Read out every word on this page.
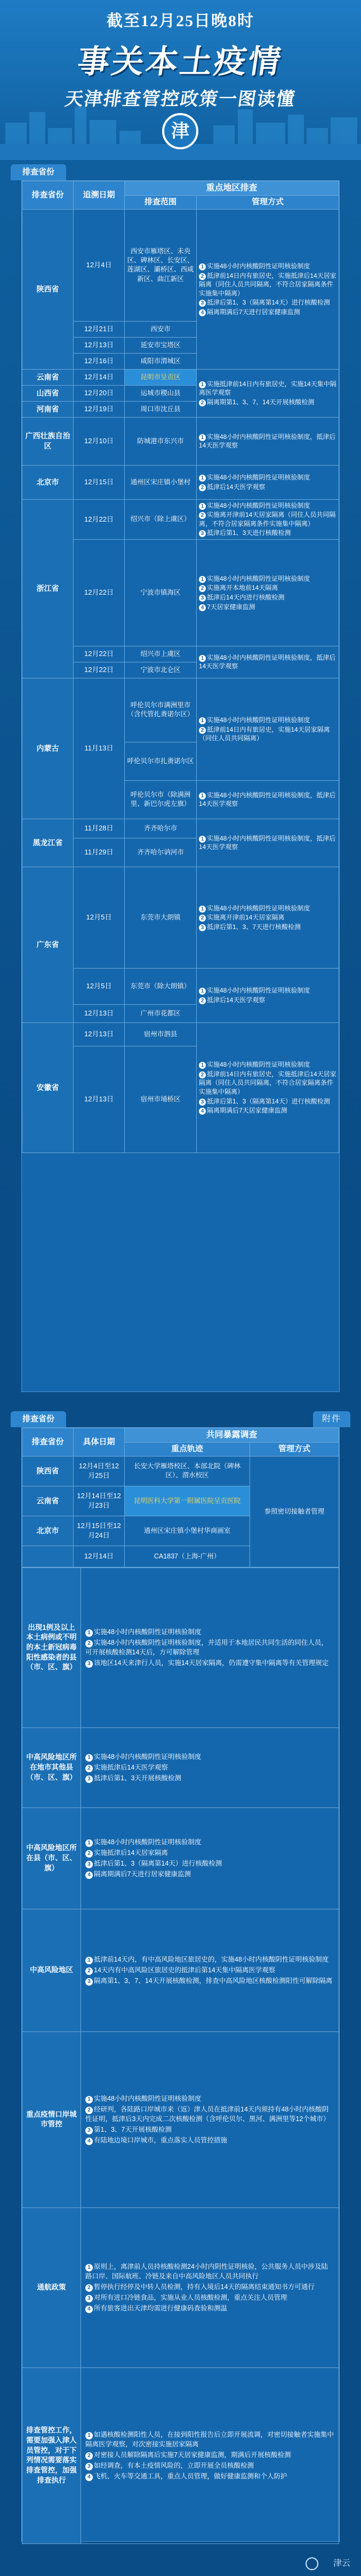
截至12月25日晚8时
事关本土疫情
天津排查管控政策一图读懂
津
排查省份
排查省份	追溯日期	重点地区排查	
		排查范围	管理方式
陕西省	12月4日	西安市雁塔区、未央区、碑林区、长安区、莲湖区、灞桥区、西咸新区、曲江新区	1 实施48小时内核酸阴性证明核验制度
2 抵津前14日内有旅居史，实施抵津后14天居家隔离（同住人员共同隔离，不符合居家隔离条件实施集中隔离）
3 抵津后第1、3（隔离第14天）进行核酸检测
4 隔离期满后7天进行居家健康监测

	12月21日	西安市	
	12月13日	延安市宝塔区	
	12月16日	咸阳市渭城区	
云南省	12月14日	昆明市呈贡区	1 实施抵津前14日内有旅居史，实施14天集中隔离医学观察
2 隔离期第1、3、7、14天开展核酸检测

山西省	12月20日	运城市稷山县	
河南省	12月19日	周口市沈丘县	
广西壮族自治区	12月10日	防城港市东兴市	1 实施48小时内核酸阴性证明核验制度，抵津后14天医学观察

北京市	12月15日	通州区宋庄镇小堡村	1 实施48小时内核酸阴性证明核验制度
2 抵津后14天医学观察

浙江省	12月22日	绍兴市（除上虞区）	1 实施48小时内核酸阴性证明核验制度
2 实施离开津前14天居家隔离（同住人员共同隔离，不符合居家隔离条件实施集中隔离）
3 抵津后第1、3天进行核酸检测

	12月22日	宁波市镇海区	1 实施48小时内核酸阴性证明核验制度
2 实施离开本地前14天隔离
3 抵津后14天内进行核酸检测
4 7天居家健康监测

	12月22日	绍兴市上虞区	1 实施48小时内核酸阴性证明核验制度，抵津后14天医学观察

	12月22日	宁波市北仑区	
内蒙古	11月13日	呼伦贝尔市满洲里市（含代管扎赉诺尔区）	1 实施48小时内核酸阴性证明核验制度
2 抵津前14日内有旅居史，实施14天居家隔离（同住人员共同隔离）

		呼伦贝尔市扎赉诺尔区	
		呼伦贝尔市（除满洲里、新巴尔虎左旗）	1 实施48小时内核酸阴性证明核验制度，抵津后14天医学观察

黑龙江省	11月28日	齐齐哈尔市	1 实施48小时内核酸阴性证明核验制度，抵津后14天医学观察

	11月29日	齐齐哈尔讷河市	
广东省	12月5日	东莞市大朗镇	1 实施48小时内核酸阴性证明核验制度
2 实施离开津前14天居家隔离
3 抵津后第1、3、7天进行核酸检测

	12月5日	东莞市（除大朗镇）	1 实施48小时内核酸阴性证明核验制度
2 抵津后14天医学观察

	12月13日	广州市花都区	
安徽省	12月13日	宿州市泗县	1 实施48小时内核酸阴性证明核验制度
2 抵津前14日内有旅居史，实施抵津后14天居家隔离（同住人员共同隔离，不符合居家隔离条件实施集中隔离）
3 抵津后第1、3（隔离第14天）进行核酸检测
4 隔离期满后7天居家健康监测

	12月13日	宿州市埇桥区	
排查省份	附件
排查省份	具体日期	共同暴露调查	
		重点轨迹	管理方式
陕西省	12月4日至12月25日	长安大学雁塔校区、本部北院（碑林区）、渭水校区	参照密切接触者管理
云南省	12月14日至12月23日	昆明医科大学第一附属医院呈贡医院	
北京市	12月15日至12月24日	通州区宋庄镇小堡村华商画室	
	12月14日	CA1837（上海-广州）	
出现1例及以上本土病例或不明的本土新冠病毒阳性感染者的县（市、区、旗）	1 实施48小时内核酸阴性证明核验制度
2 实施48小时内核酸阴性证明核验制度，并适用于本地居民共同生活的同住人员，可开展核酸检测14天后，方可解除管理
3 该地区14天来津行人员，实施14天居家隔离，仍需遵守集中隔离等有关管理规定

中高风险地区所在地市其他县（市、区、旗）	1 实施48小时内核酸阴性证明核验制度
2 实施抵津后14天医学观察
3 抵津后第1、3天开展核酸检测

中高风险地区所在县（市、区、旗）	1 实施48小时内核酸阴性证明核验制度
2 实施抵津后14天居家隔离
3 抵津后第1、3（隔离第14天）进行核酸检测
4 隔离期满后7天进行居家健康监测

中高风险地区	1 抵津前14天内，有中高风险地区旅居史的，实施48小时内核酸阴性证明核验制度
2 14天内有中高风险区旅居史的抵津后第14天集中隔离医学观察
3 隔离第1、3、7、14天开展核酸检测，排查中高风险地区核酸检测阳性可解除隔离

重点疫情口岸城市管控	1 实施48小时内核酸阴性证明核验制度
2 经研判，各陆路口岸城市来（返）津人员在抵津前14天内须持有48小时内核酸阴性证明，抵津后3天内完成二次核酸检测（含呼伦贝尔、黑河、满洲里等12个城市）
3 第1、3、7天开展核酸检测
4 有陆地边境口岸城市，重点落实人员管控措施

通航政策	1 原则上，离津前人员持核酸检测24小时内阴性证明核验，公共服务人员中涉及陆路口岸、国际航班、冷链及来自中高风险地区人员共同执行
2 暂停执行经停及中转人员检测，持有入境后14天的隔离结束通知书方可通行
3 对所有进口冷链食品，实施从业人员核酸检测，重点关注人员管理
4 所有旅客进出天津均需进行健康码查验和测温

排查管控工作，需要加强入津人员管控，对于下列情况需要落实排查管控，加强排查执行	1 如遇核酸检测阳性人员，在接到阳性报告后立即开展流调，对密切接触者实施集中隔离医学观察，对次密接实施居家隔离
2 对密接人员解除隔离后实施7天居家健康监测，期满后开展核酸检测
3 如经调查，有本土疫情风险的，立即开展全员核酸检测
4 飞机、火车等交通工具，重点人员管理，做好健康监测和个人防护
津云
